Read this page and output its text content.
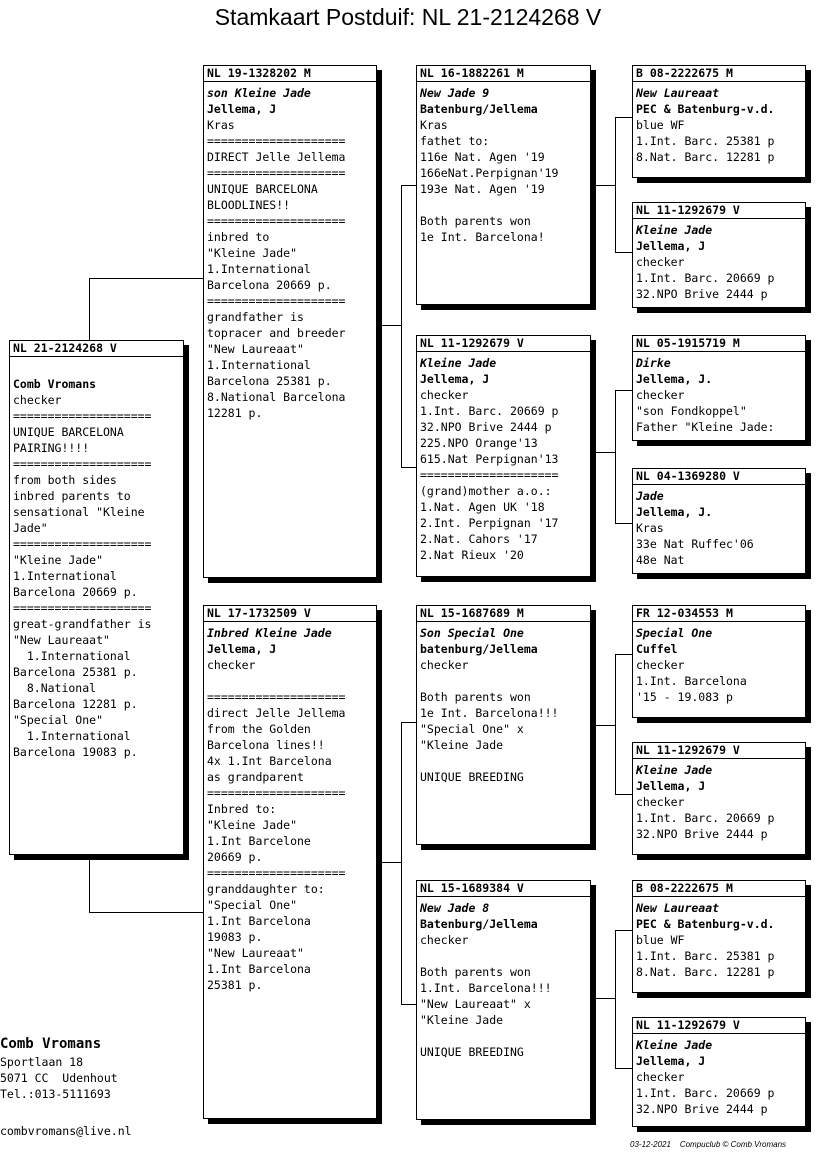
Stamkaart Postduif: NL 21-2124268 V
NL 21-2124268 V
Comb Vromans
checker
====================
UNIQUE BARCELONA
PAIRING!!!!
====================
from both sides
inbred parents to
sensational "Kleine
Jade"
====================
"Kleine Jade"
1.International
Barcelona 20669 p.
====================
great-grandfather is
"New Laureaat"
1.International
Barcelona 25381 p.
8.National
Barcelona 12281 p.
"Special One"
1.International
Barcelona 19083 p.
NL 19-1328202 M
son Kleine Jade
Jellema, J
Kras
====================
DIRECT Jelle Jellema
====================
UNIQUE BARCELONA
BLOODLINES!!
====================
inbred to
"Kleine Jade"
1.International
Barcelona 20669 p.
====================
grandfather is
topracer and breeder
"New Laureaat"
1.International
Barcelona 25381 p.
8.National Barcelona
12281 p.
NL 17-1732509 V
Inbred Kleine Jade
Jellema, J
checker
====================
direct Jelle Jellema
from the Golden
Barcelona lines!!
4x 1.Int Barcelona
as grandparent
====================
Inbred to:
"Kleine Jade"
1.Int Barcelone
20669 p.
====================
granddaughter to:
"Special One"
1.Int Barcelona
19083 p.
"New Laureaat"
1.Int Barcelona
25381 p.
NL 16-1882261 M
New Jade 9
Batenburg/Jellema
Kras
fathet to:
116e Nat. Agen '19
166eNat.Perpignan'19
193e Nat. Agen '19
Both parents won
1e Int. Barcelona!
NL 11-1292679 V
Kleine Jade
Jellema, J
checker
1.Int. Barc. 20669 p
32.NPO Brive 2444 p
225.NPO Orange'13
615.Nat Perpignan'13
====================
(grand)mother a.o.:
1.Nat. Agen UK '18
2.Int. Perpignan '17
2.Nat. Cahors '17
2.Nat Rieux '20
NL 15-1687689 M
Son Special One
batenburg/Jellema
checker
Both parents won
1e Int. Barcelona!!!
"Special One" x
"Kleine Jade
UNIQUE BREEDING
NL 15-1689384 V
New Jade 8
Batenburg/Jellema
checker
Both parents won
1.Int. Barcelona!!!
"New Laureaat" x
"Kleine Jade
UNIQUE BREEDING
B 08-2222675 M
New Laureaat
PEC & Batenburg-v.d.
blue WF
1.Int. Barc. 25381 p
8.Nat. Barc. 12281 p
NL 11-1292679 V
Kleine Jade
Jellema, J
checker
1.Int. Barc. 20669 p
32.NPO Brive 2444 p
NL 05-1915719 M
Dirke
Jellema, J.
checker
"son Fondkoppel"
Father "Kleine Jade:
NL 04-1369280 V
Jade
Jellema, J.
Kras
33e Nat Ruffec'06
48e Nat
FR 12-034553 M
Special One
Cuffel
checker
1.Int. Barcelona
'15 - 19.083 p
NL 11-1292679 V
Kleine Jade
Jellema, J
checker
1.Int. Barc. 20669 p
32.NPO Brive 2444 p
B 08-2222675 M
New Laureaat
PEC & Batenburg-v.d.
blue WF
1.Int. Barc. 25381 p
8.Nat. Barc. 12281 p
NL 11-1292679 V
Kleine Jade
Jellema, J
checker
1.Int. Barc. 20669 p
32.NPO Brive 2444 p
Comb Vromans
Sportlaan 18
5071 CC  Udenhout
Tel.:013-5111693
combvromans@live.nl
03-12-2021    Compuclub © Comb Vromans
